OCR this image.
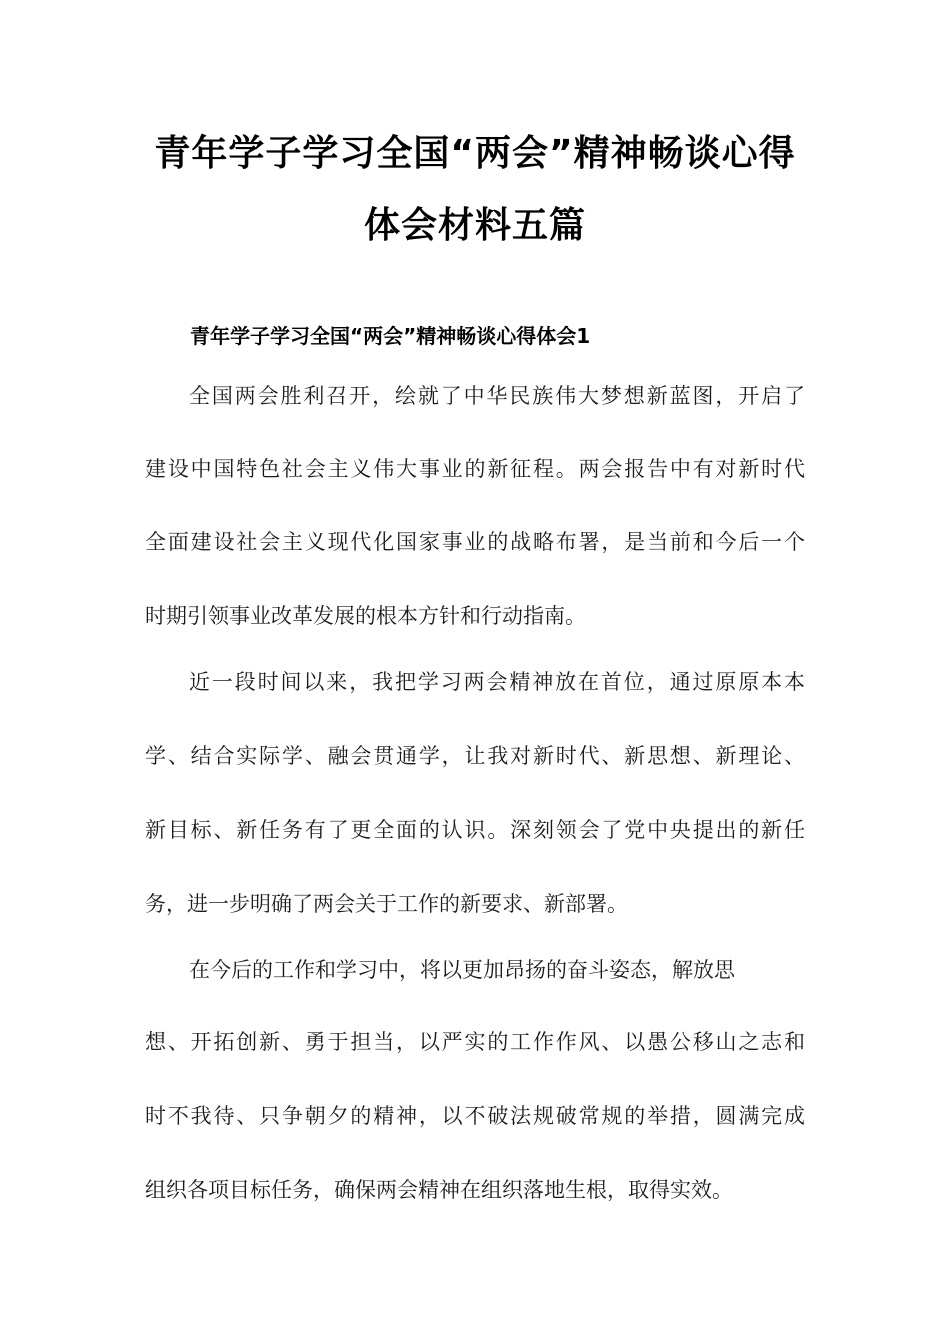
青年学子学习全国“两会”精神畅谈心得
体会材料五篇
青年学子学习全国“两会”精神畅谈心得体会1
全国两会胜利召开，绘就了中华民族伟大梦想新蓝图，开启了
建设中国特色社会主义伟大事业的新征程。两会报告中有对新时代
全面建设社会主义现代化国家事业的战略布署，是当前和今后一个
时期引领事业改革发展的根本方针和行动指南。
近一段时间以来，我把学习两会精神放在首位，通过原原本本
学、结合实际学、融会贯通学，让我对新时代、新思想、新理论、
新目标、新任务有了更全面的认识。深刻领会了党中央提出的新任
务，进一步明确了两会关于工作的新要求、新部署。
在今后的工作和学习中，将以更加昂扬的奋斗姿态，解放思
想、开拓创新、勇于担当，以严实的工作作风、以愚公移山之志和
时不我待、只争朝夕的精神，以不破法规破常规的举措，圆满完成
组织各项目标任务，确保两会精神在组织落地生根，取得实效。
